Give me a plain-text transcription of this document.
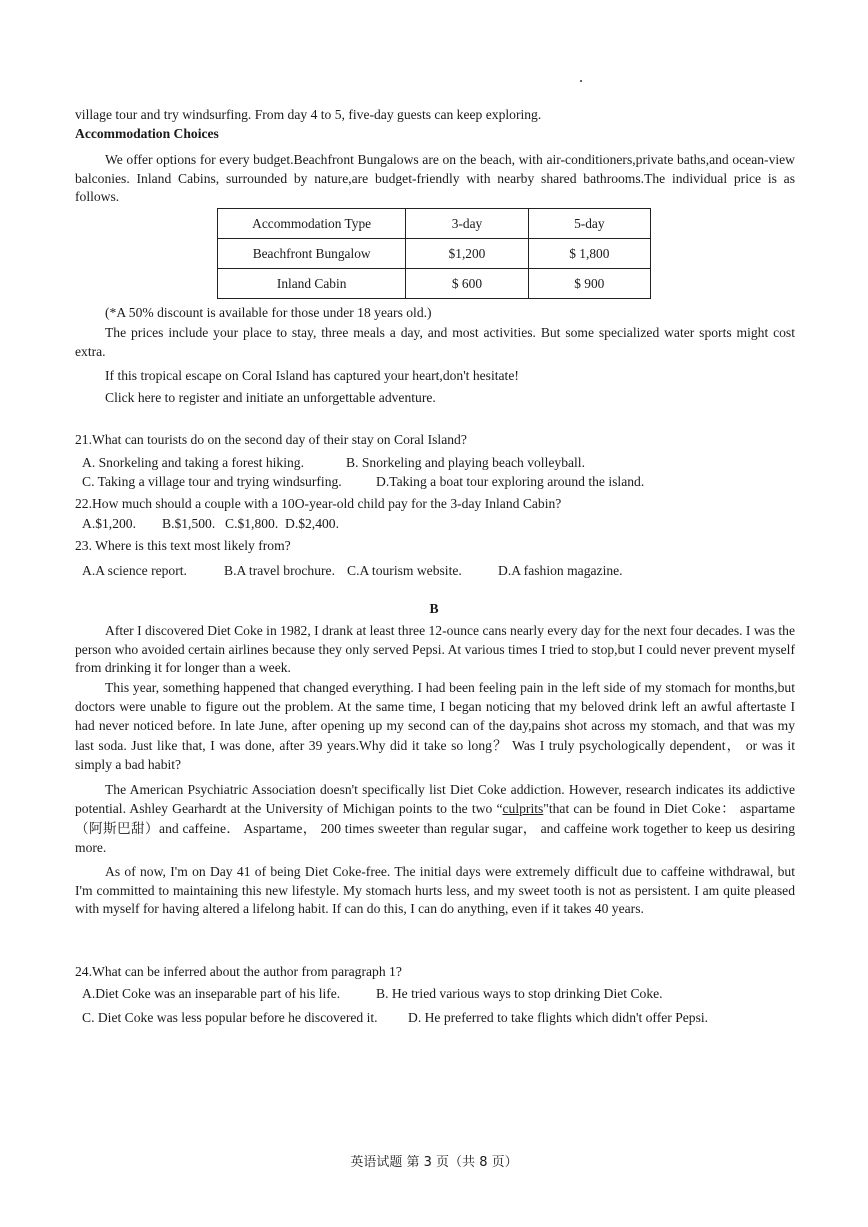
village tour and try windsurfing. From day 4 to 5, five-day guests can keep exploring.
Accommodation Choices
We offer options for every budget.Beachfront Bungalows are on the beach, with air-conditioners,private baths,and ocean-view balconies. Inland Cabins, surrounded by nature,are budget-friendly with nearby shared bathrooms.The individual price is as follows.
Accommodation Type	3-day	5-day
Beachfront Bungalow	$1,200	$ 1,800
Inland Cabin	$ 600	$ 900
(*A 50% discount is available for those under 18 years old.)
The prices include your place to stay, three meals a day, and most activities. But some specialized water sports might cost extra.
If this tropical escape on Coral Island has captured your heart,don't hesitate!
Click here to register and initiate an unforgettable adventure.
21.What can tourists do on the second day of their stay on Coral Island?
A. Snorkeling and taking a forest hiking.	B. Snorkeling and playing beach volleyball.
C. Taking a village tour and trying windsurfing.	D.Taking a boat tour exploring around the island.
22.How much should a couple with a 10O-year-old child pay for the 3-day Inland Cabin?
A.$1,200. B.$1,500. C.$1,800. D.$2,400.
23. Where is this text most likely from?
A.A science report.	B.A travel brochure. C.A tourism website.	D.A fashion magazine.
B
After I discovered Diet Coke in 1982, I drank at least three 12-ounce cans nearly every day for the next four decades. I was the person who avoided certain airlines because they only served Pepsi. At various times I tried to stop,but I could never prevent myself from drinking it for longer than a week.
This year, something happened that changed everything. I had been feeling pain in the left side of my stomach for months,but doctors were unable to figure out the problem. At the same time, I began noticing that my beloved drink left an awful aftertaste I had never noticed before. In late June, after opening up my second can of the day,pains shot across my stomach, and that was my last soda. Just like that, I was done, after 39 years.Why did it take so long？ Was I truly psychologically dependent， or was it simply a bad habit?
The American Psychiatric Association doesn't specifically list Diet Coke addiction. However, research indicates its addictive potential. Ashley Gearhardt at the University of Michigan points to the two “culprits"that can be found in Diet Coke： aspartame（阿斯巴甜）and caffeine． Aspartame， 200 times sweeter than regular sugar， and caffeine work together to keep us desiring more.
As of now, I'm on Day 41 of being Diet Coke-free. The initial days were extremely difficult due to caffeine withdrawal, but I'm committed to maintaining this new lifestyle. My stomach hurts less, and my sweet tooth is not as persistent. I am quite pleased with myself for having altered a lifelong habit. If can do this, I can do anything, even if it takes 40 years.
24.What can be inferred about the author from paragraph 1?
A.Diet Coke was an inseparable part of his life.	B. He tried various ways to stop drinking Diet Coke.
C. Diet Coke was less popular before he discovered it. D. He preferred to take flights which didn't offer Pepsi.
英语试题 第 3 页（共 8 页）
